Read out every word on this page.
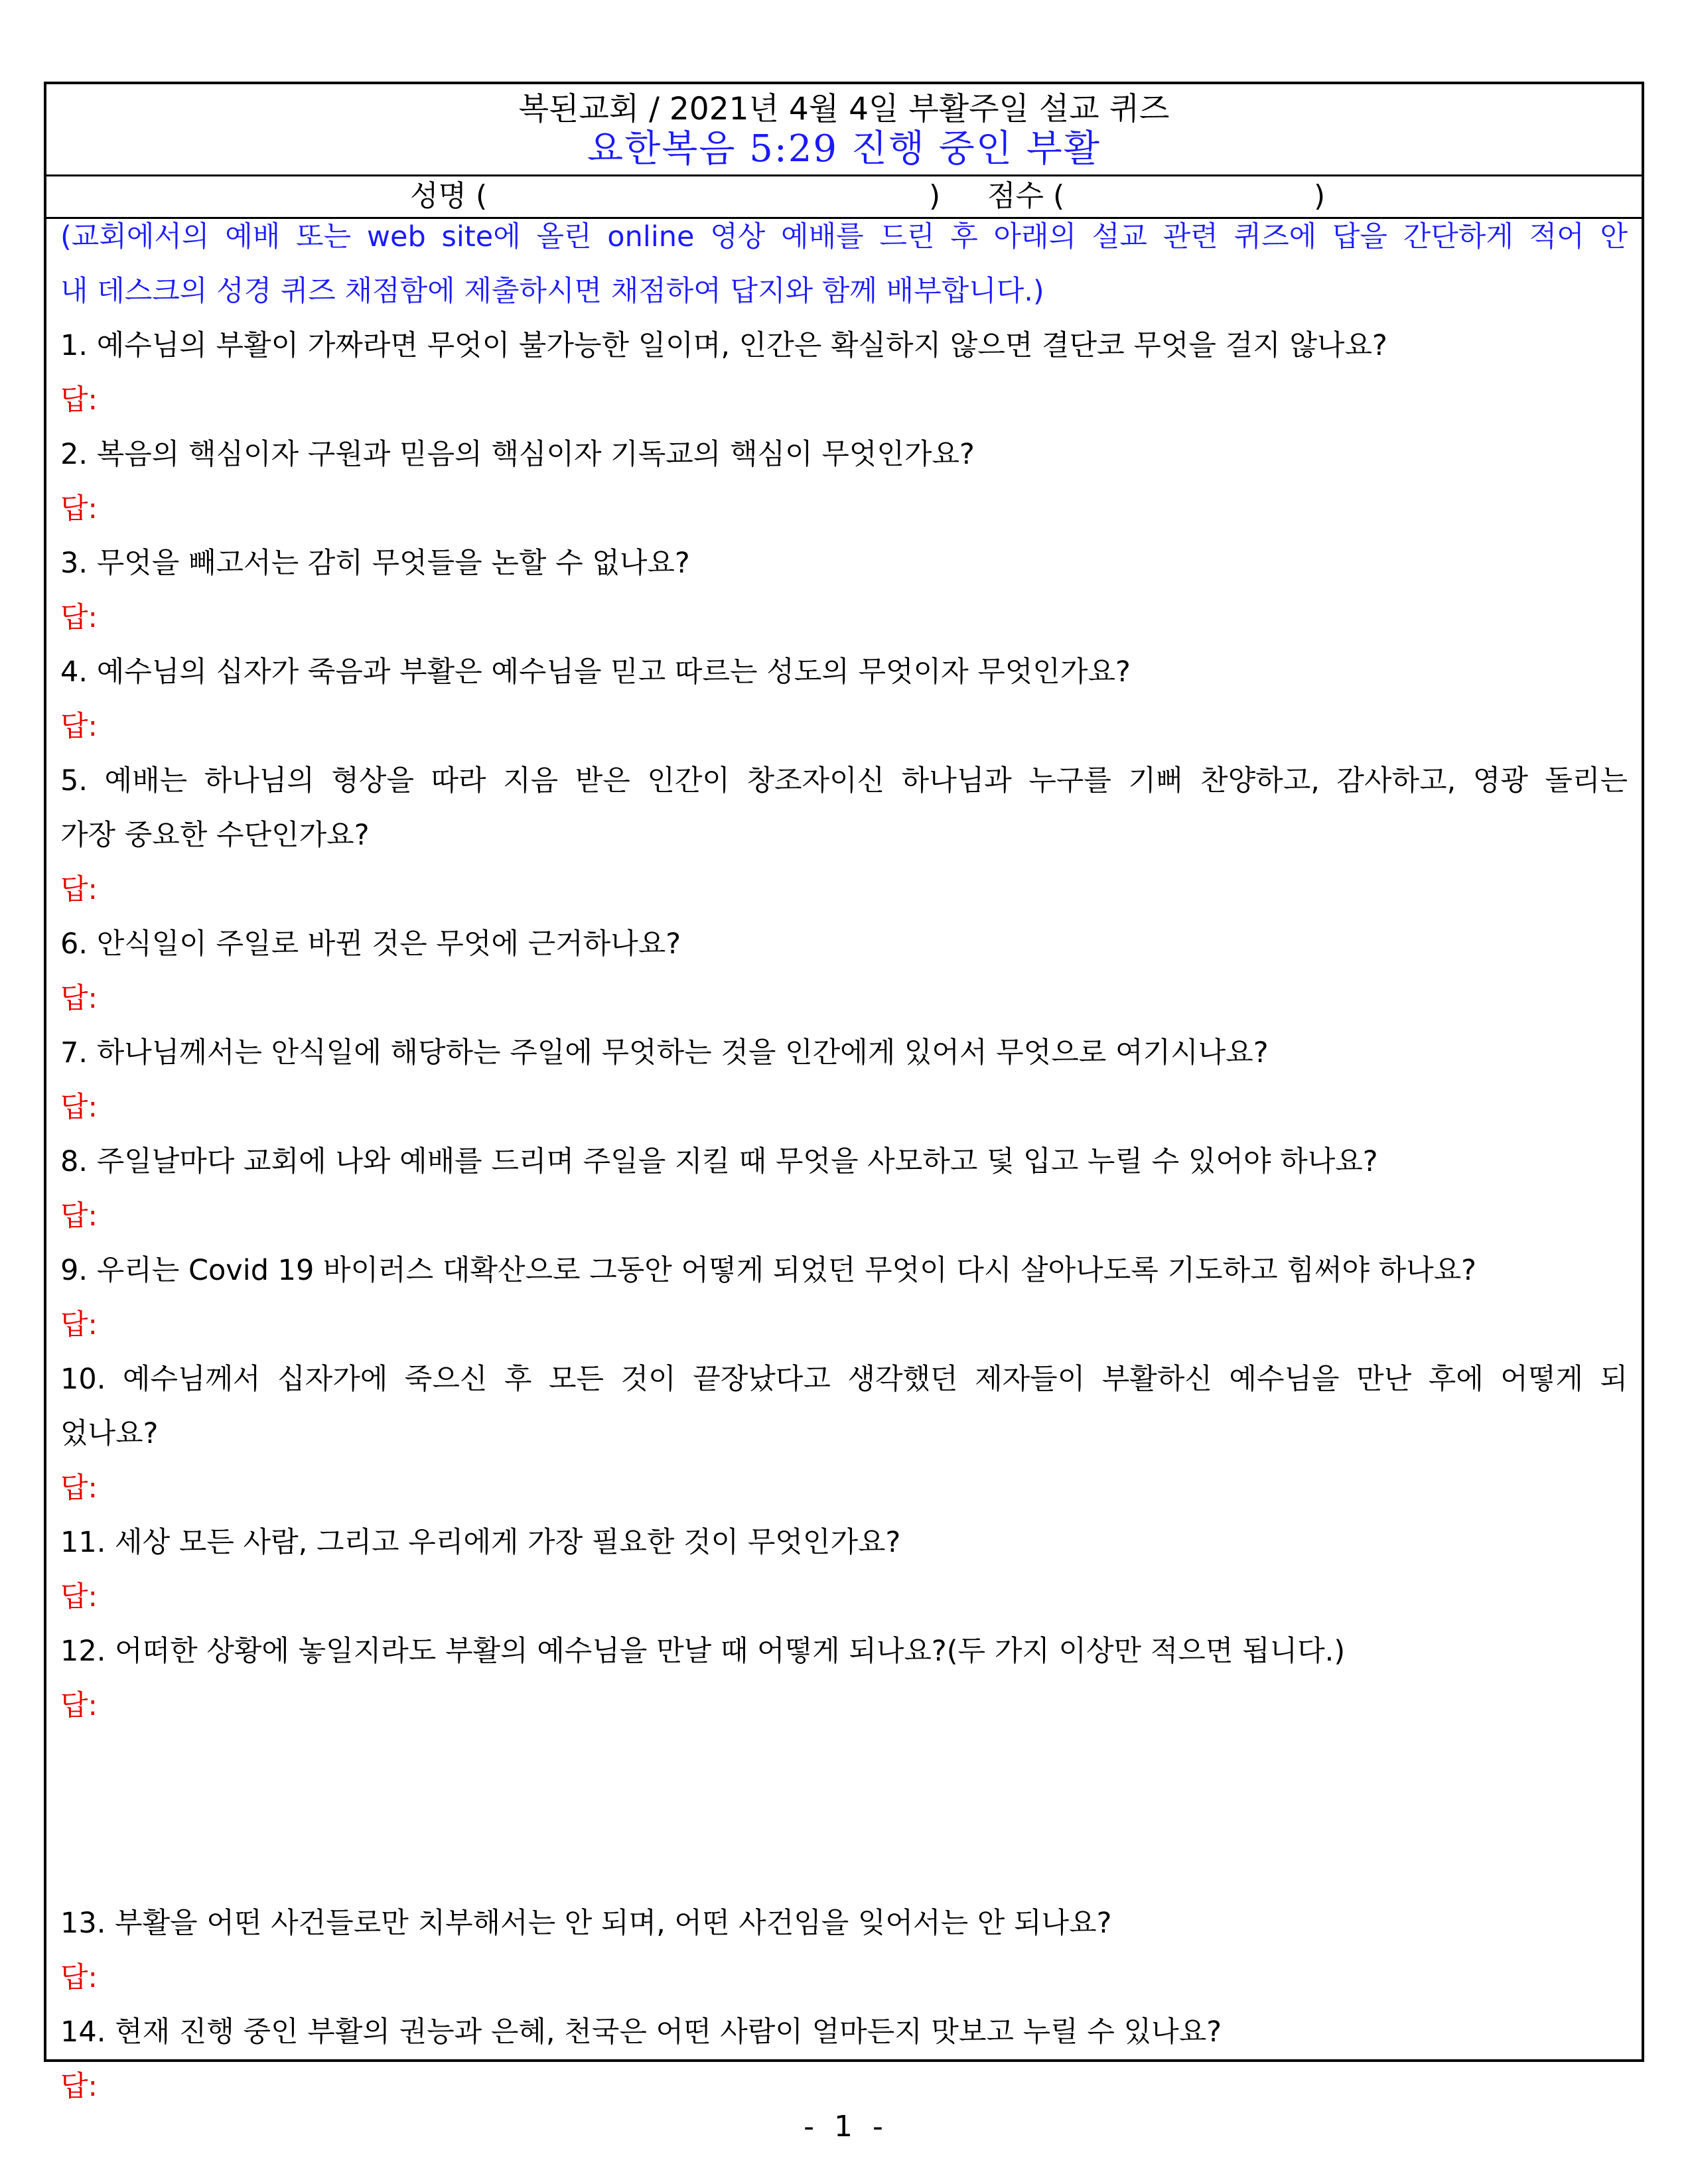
복된교회 / 2021년 4월 4일 부활주일 설교 퀴즈
요한복음 5:29 진행 중인 부활
성명 (	) 점수 (	)
(교회에서의 예배 또는 web site에 올린 online 영상 예배를 드린 후 아래의 설교 관련 퀴즈에 답을 간단하게 적어 안
내 데스크의 성경 퀴즈 채점함에 제출하시면 채점하여 답지와 함께 배부합니다.)
1. 예수님의 부활이 가짜라면 무엇이 불가능한 일이며, 인간은 확실하지 않으면 결단코 무엇을 걸지 않나요?
답:
2. 복음의 핵심이자 구원과 믿음의 핵심이자 기독교의 핵심이 무엇인가요?
답:
3. 무엇을 빼고서는 감히 무엇들을 논할 수 없나요?
답:
4. 예수님의 십자가 죽음과 부활은 예수님을 믿고 따르는 성도의 무엇이자 무엇인가요?
답:
5. 예배는 하나님의 형상을 따라 지음 받은 인간이 창조자이신 하나님과 누구를 기뻐 찬양하고, 감사하고, 영광 돌리는
가장 중요한 수단인가요?
답:
6. 안식일이 주일로 바뀐 것은 무엇에 근거하나요?
답:
7. 하나님께서는 안식일에 해당하는 주일에 무엇하는 것을 인간에게 있어서 무엇으로 여기시나요?
답:
8. 주일날마다 교회에 나와 예배를 드리며 주일을 지킬 때 무엇을 사모하고 덫 입고 누릴 수 있어야 하나요?
답:
9. 우리는 Covid 19 바이러스 대확산으로 그동안 어떻게 되었던 무엇이 다시 살아나도록 기도하고 힘써야 하나요?
답:
10. 예수님께서 십자가에 죽으신 후 모든 것이 끝장났다고 생각했던 제자들이 부활하신 예수님을 만난 후에 어떻게 되
었나요?
답:
11. 세상 모든 사람, 그리고 우리에게 가장 필요한 것이 무엇인가요?
답:
12. 어떠한 상황에 놓일지라도 부활의 예수님을 만날 때 어떻게 되나요?(두 가지 이상만 적으면 됩니다.)
답:
13. 부활을 어떤 사건들로만 치부해서는 안 되며, 어떤 사건임을 잊어서는 안 되나요?
답:
14. 현재 진행 중인 부활의 권능과 은혜, 천국은 어떤 사람이 얼마든지 맛보고 누릴 수 있나요?
답:
- 1 -
